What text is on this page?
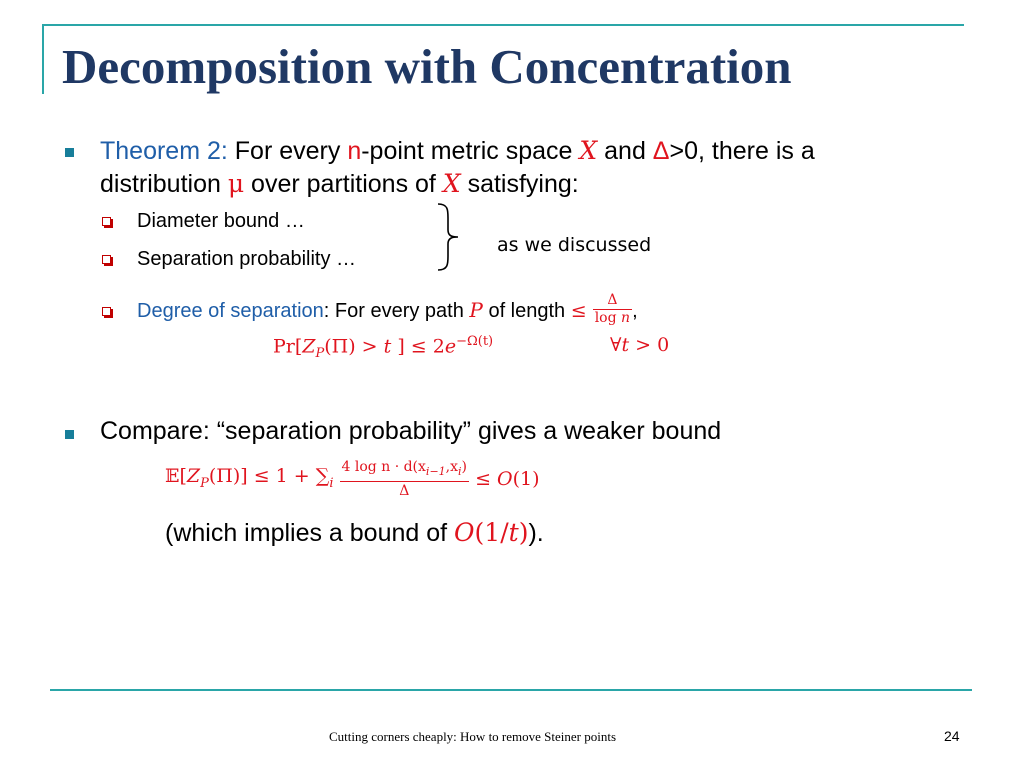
Decomposition with Concentration
Theorem 2: For every n-point metric space X and Δ>0, there is a
distribution μ over partitions of X satisfying:
Diameter bound …
Separation probability …
as we discussed
Degree of separation: For every path P of length ≤ $\frac{\Delta}{\text{log n}}$ ,
$Pr[Z_P(\Pi) > t$ ] ≤ $2e^{-\Omega(t)}$	∀t > 0
Compare: “separation probability” gives a weaker bound
$𝔼[Z_P(\Pi)] \le 1 + \sum_i \frac{4 \log n \cdot d(x_{i-1},x_i)}{\Delta} \le O(1)$
(which implies a bound of O(1/t)).
Cutting corners cheaply: How to remove Steiner points	24
